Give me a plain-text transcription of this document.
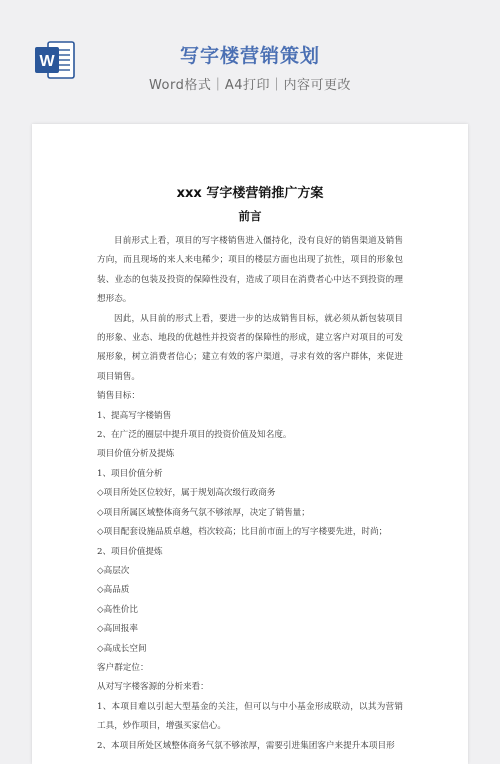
W	写字楼营销策划
Word格式｜A4打印｜内容可更改
xxx 写字楼营销推广方案
前言

目前形式上看，项目的写字楼销售进入僵持化，没有良好的销售渠道及销售方向，而且现场的来人来电稀少；项目的楼层方面也出现了抗性，项目的形象包装、业态的包装及投资的保障性没有，造成了项目在消费者心中达不到投资的理想形态。

因此，从目前的形式上看，要进一步的达成销售目标，就必须从新包装项目的形象、业态、地段的优越性并投资者的保障性的形成，建立客户对项目的可发展形象，树立消费者信心；建立有效的客户渠道，寻求有效的客户群体，来促进项目销售。

销售目标：

1、提高写字楼销售

2、在广泛的圈层中提升项目的投资价值及知名度。

项目价值分析及提炼

1、项目价值分析

◇项目所处区位较好，属于规划高次级行政商务

◇项目所属区域整体商务气氛不够浓厚，决定了销售量；

◇项目配套设施品质卓越，档次较高；比目前市面上的写字楼要先进，时尚；

2、项目价值提炼

◇高层次

◇高品质

◇高性价比

◇高回报率

◇高成长空间

客户群定位：

从对写字楼客源的分析来看：

1、本项目难以引起大型基金的关注，但可以与中小基金形成联动，以其为营销工具，炒作项目，增强买家信心。

2、本项目所处区域整体商务气氛不够浓厚，需要引进集团客户来提升本项目形
